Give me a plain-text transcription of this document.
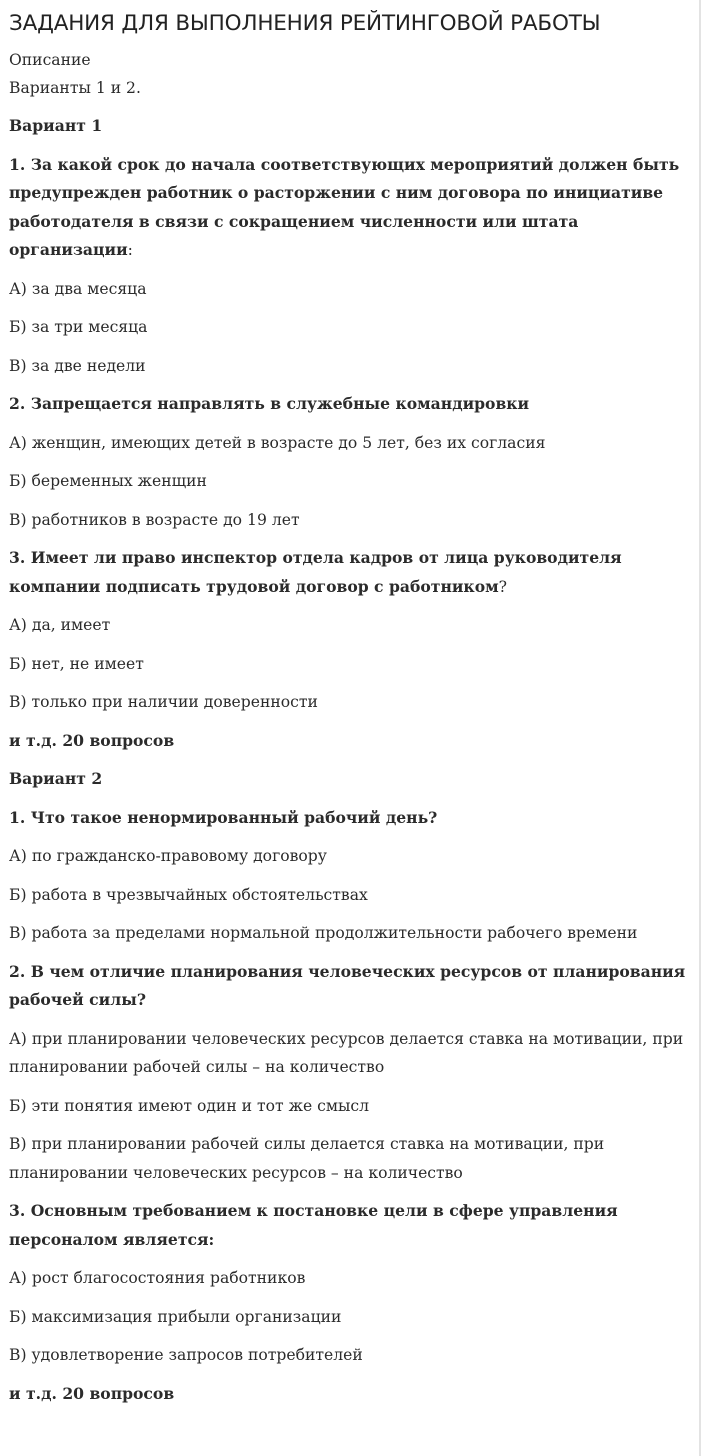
ЗАДАНИЯ ДЛЯ ВЫПОЛНЕНИЯ РЕЙТИНГОВОЙ РАБОТЫ
Описание
Варианты 1 и 2.

Вариант 1

1. За какой срок до начала соответствующих мероприятий должен быть предупрежден работник о расторжении с ним договора по инициативе работодателя в связи с сокращением численности или штата организации:

А) за два месяца

Б) за три месяца

В) за две недели

2. Запрещается направлять в служебные командировки

А) женщин, имеющих детей в возрасте до 5 лет, без их согласия

Б) беременных женщин

В) работников в возрасте до 19 лет

3. Имеет ли право инспектор отдела кадров от лица руководителя компании подписать трудовой договор с работником?

А) да, имеет

Б) нет, не имеет

В) только при наличии доверенности

и т.д. 20 вопросов

Вариант 2

1. Что такое ненормированный рабочий день?

А) по гражданско-правовому договору

Б) работа в чрезвычайных обстоятельствах

В) работа за пределами нормальной продолжительности рабочего времени

2. В чем отличие планирования человеческих ресурсов от планирования рабочей силы?

А) при планировании человеческих ресурсов делается ставка на мотивации, при планировании рабочей силы – на количество

Б) эти понятия имеют один и тот же смысл

В) при планировании рабочей силы делается ставка на мотивации, при планировании человеческих ресурсов – на количество

3. Основным требованием к постановке цели в сфере управления персоналом является:

А) рост благосостояния работников

Б) максимизация прибыли организации

В) удовлетворение запросов потребителей

и т.д. 20 вопросов
